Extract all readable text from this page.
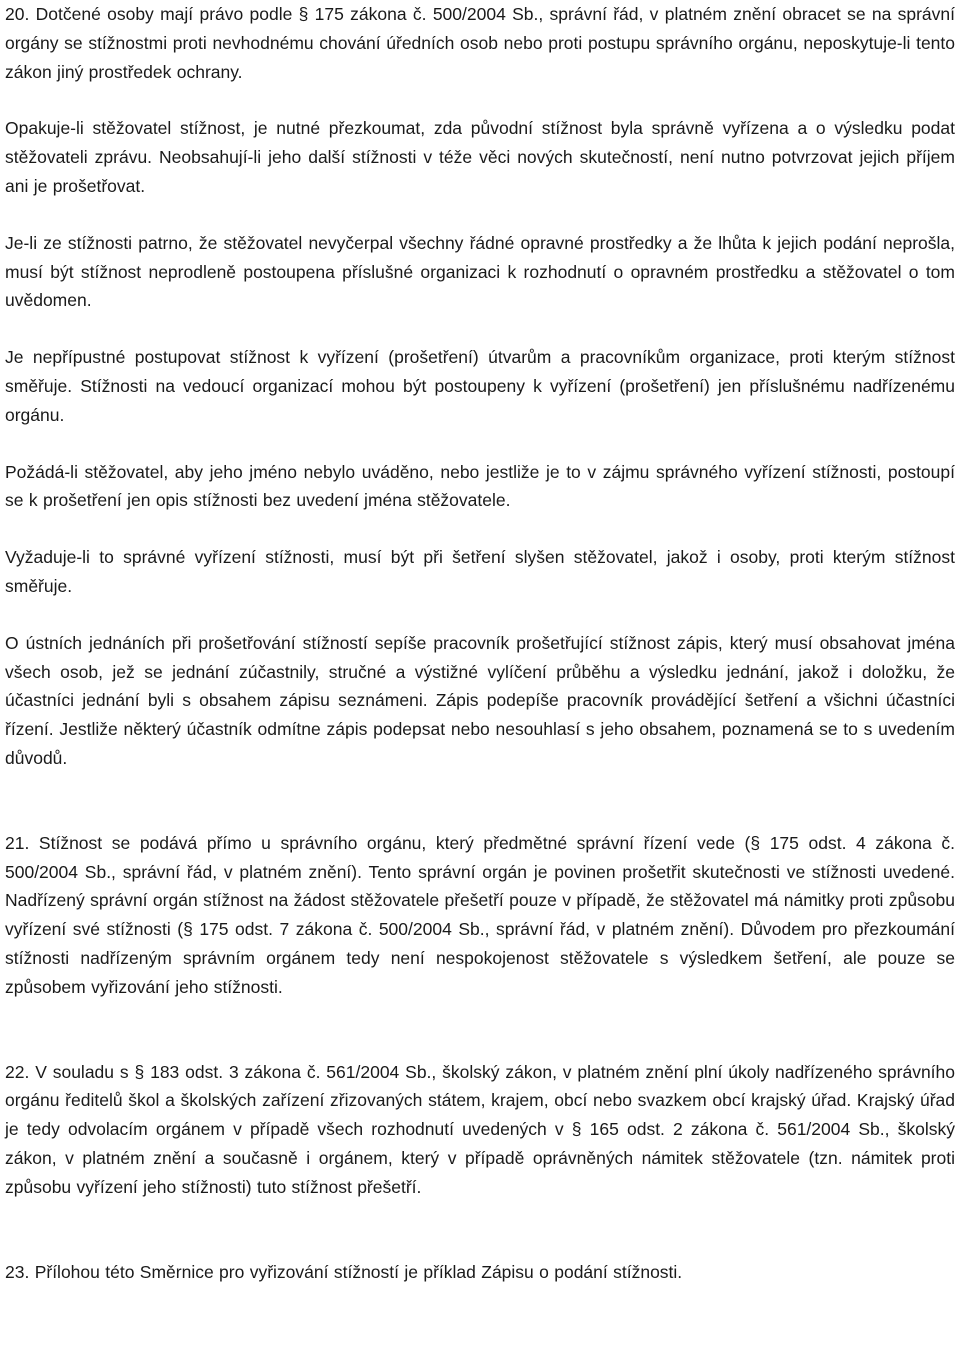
20. Dotčené osoby mají právo podle § 175 zákona č. 500/2004 Sb., správní řád, v platném znění obracet se na správní orgány se stížnostmi proti nevhodnému chování úředních osob nebo proti postupu správního orgánu, neposkytuje-li tento zákon jiný prostředek ochrany.

Opakuje-li stěžovatel stížnost, je nutné přezkoumat, zda původní stížnost byla správně vyřízena a o výsledku podat stěžovateli zprávu. Neobsahují-li jeho další stížnosti v téže věci nových skutečností, není nutno potvrzovat jejich příjem ani je prošetřovat.

Je-li ze stížnosti patrno, že stěžovatel nevyčerpal všechny řádné opravné prostředky a že lhůta k jejich podání neprošla, musí být stížnost neprodleně postoupena příslušné organizaci k rozhodnutí o opravném prostředku a stěžovatel o tom uvědomen.

Je nepřípustné postupovat stížnost k vyřízení (prošetření) útvarům a pracovníkům organizace, proti kterým stížnost směřuje. Stížnosti na vedoucí organizací mohou být postoupeny k vyřízení (prošetření) jen příslušnému nadřízenému orgánu.

Požádá-li stěžovatel, aby jeho jméno nebylo uváděno, nebo jestliže je to v zájmu správného vyřízení stížnosti, postoupí se k prošetření jen opis stížnosti bez uvedení jména stěžovatele.

Vyžaduje-li to správné vyřízení stížnosti, musí být při šetření slyšen stěžovatel, jakož i osoby, proti kterým stížnost směřuje.

O ústních jednáních při prošetřování stížností sepíše pracovník prošetřující stížnost zápis, který musí obsahovat jména všech osob, jež se jednání zúčastnily, stručné a výstižné vylíčení průběhu a výsledku jednání, jakož i doložku, že účastníci jednání byli s obsahem zápisu seznámeni. Zápis podepíše pracovník provádějící šetření a všichni účastníci řízení. Jestliže některý účastník odmítne zápis podepsat nebo nesouhlasí s jeho obsahem, poznamená se to s uvedením důvodů.

21. Stížnost se podává přímo u správního orgánu, který předmětné správní řízení vede (§ 175 odst. 4 zákona č. 500/2004 Sb., správní řád, v platném znění). Tento správní orgán je povinen prošetřit skutečnosti ve stížnosti uvedené. Nadřízený správní orgán stížnost na žádost stěžovatele přešetří pouze v případě, že stěžovatel má námitky proti způsobu vyřízení své stížnosti (§ 175 odst. 7 zákona č. 500/2004 Sb., správní řád, v platném znění). Důvodem pro přezkoumání stížnosti nadřízeným správním orgánem tedy není nespokojenost stěžovatele s výsledkem šetření, ale pouze se způsobem vyřizování jeho stížnosti.

22. V souladu s § 183 odst. 3 zákona č. 561/2004 Sb., školský zákon, v platném znění plní úkoly nadřízeného správního orgánu ředitelů škol a školských zařízení zřizovaných státem, krajem, obcí nebo svazkem obcí krajský úřad. Krajský úřad je tedy odvolacím orgánem v případě všech rozhodnutí uvedených v § 165 odst. 2 zákona č. 561/2004 Sb., školský zákon, v platném znění a současně i orgánem, který v případě oprávněných námitek stěžovatele (tzn. námitek proti způsobu vyřízení jeho stížnosti) tuto stížnost přešetří.

23. Přílohou této Směrnice pro vyřizování stížností je příklad Zápisu o podání stížnosti.
